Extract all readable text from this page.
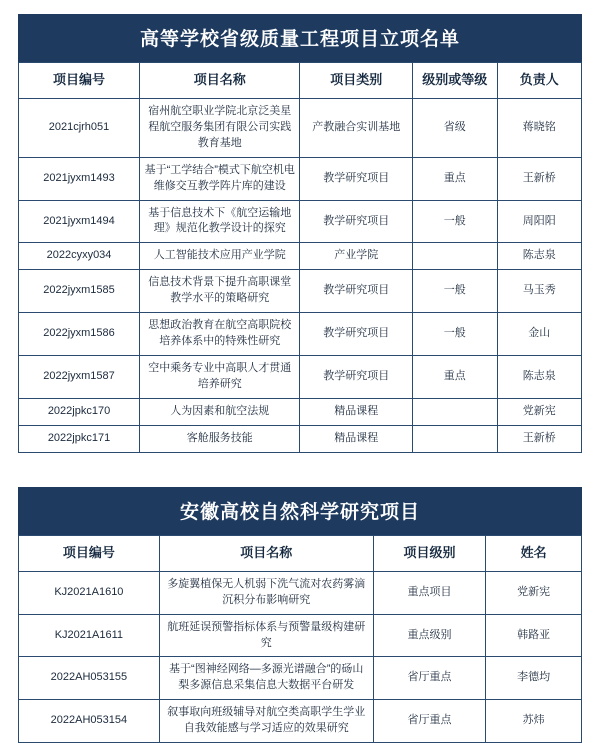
高等学校省级质量工程项目立项名单
项目编号	项目名称	项目类别	级别或等级	负责人
2021cjrh051	宿州航空职业学院北京泛美星程航空服务集团有限公司实践教育基地	产教融合实训基地	省级	蒋晓铭
2021jyxm1493	基于“工学结合”模式下航空机电维修交互教学阵片库的建设	教学研究项目	重点	王新桥
2021jyxm1494	基于信息技术下《航空运输地理》规范化教学设计的探究	教学研究项目	一般	周阳阳
2022cyxy034	人工智能技术应用产业学院	产业学院		陈志泉
2022jyxm1585	信息技术背景下提升高职课堂教学水平的策略研究	教学研究项目	一般	马玉秀
2022jyxm1586	思想政治教育在航空高职院校培养体系中的特殊性研究	教学研究项目	一般	金山
2022jyxm1587	空中乘务专业中高职人才贯通培养研究	教学研究项目	重点	陈志泉
2022jpkc170	人为因素和航空法规	精品课程		党新宪
2022jpkc171	客舱服务技能	精品课程		王新桥
安徽高校自然科学研究项目
项目编号	项目名称	项目级别	姓名
KJ2021A1610	多旋翼植保无人机弱下洗气流对农药雾滴沉积分布影响研究	重点项目	党新宪
KJ2021A1611	航班延误预警指标体系与预警量级构建研究	重点级别	韩路亚
2022AH053155	基于“图神经网络—多源光谱融合”的砀山梨多源信息采集信息大数据平台研发	省厅重点	李德均
2022AH053154	叙事取向班级辅导对航空类高职学生学业自我效能感与学习适应的效果研究	省厅重点	苏炜
